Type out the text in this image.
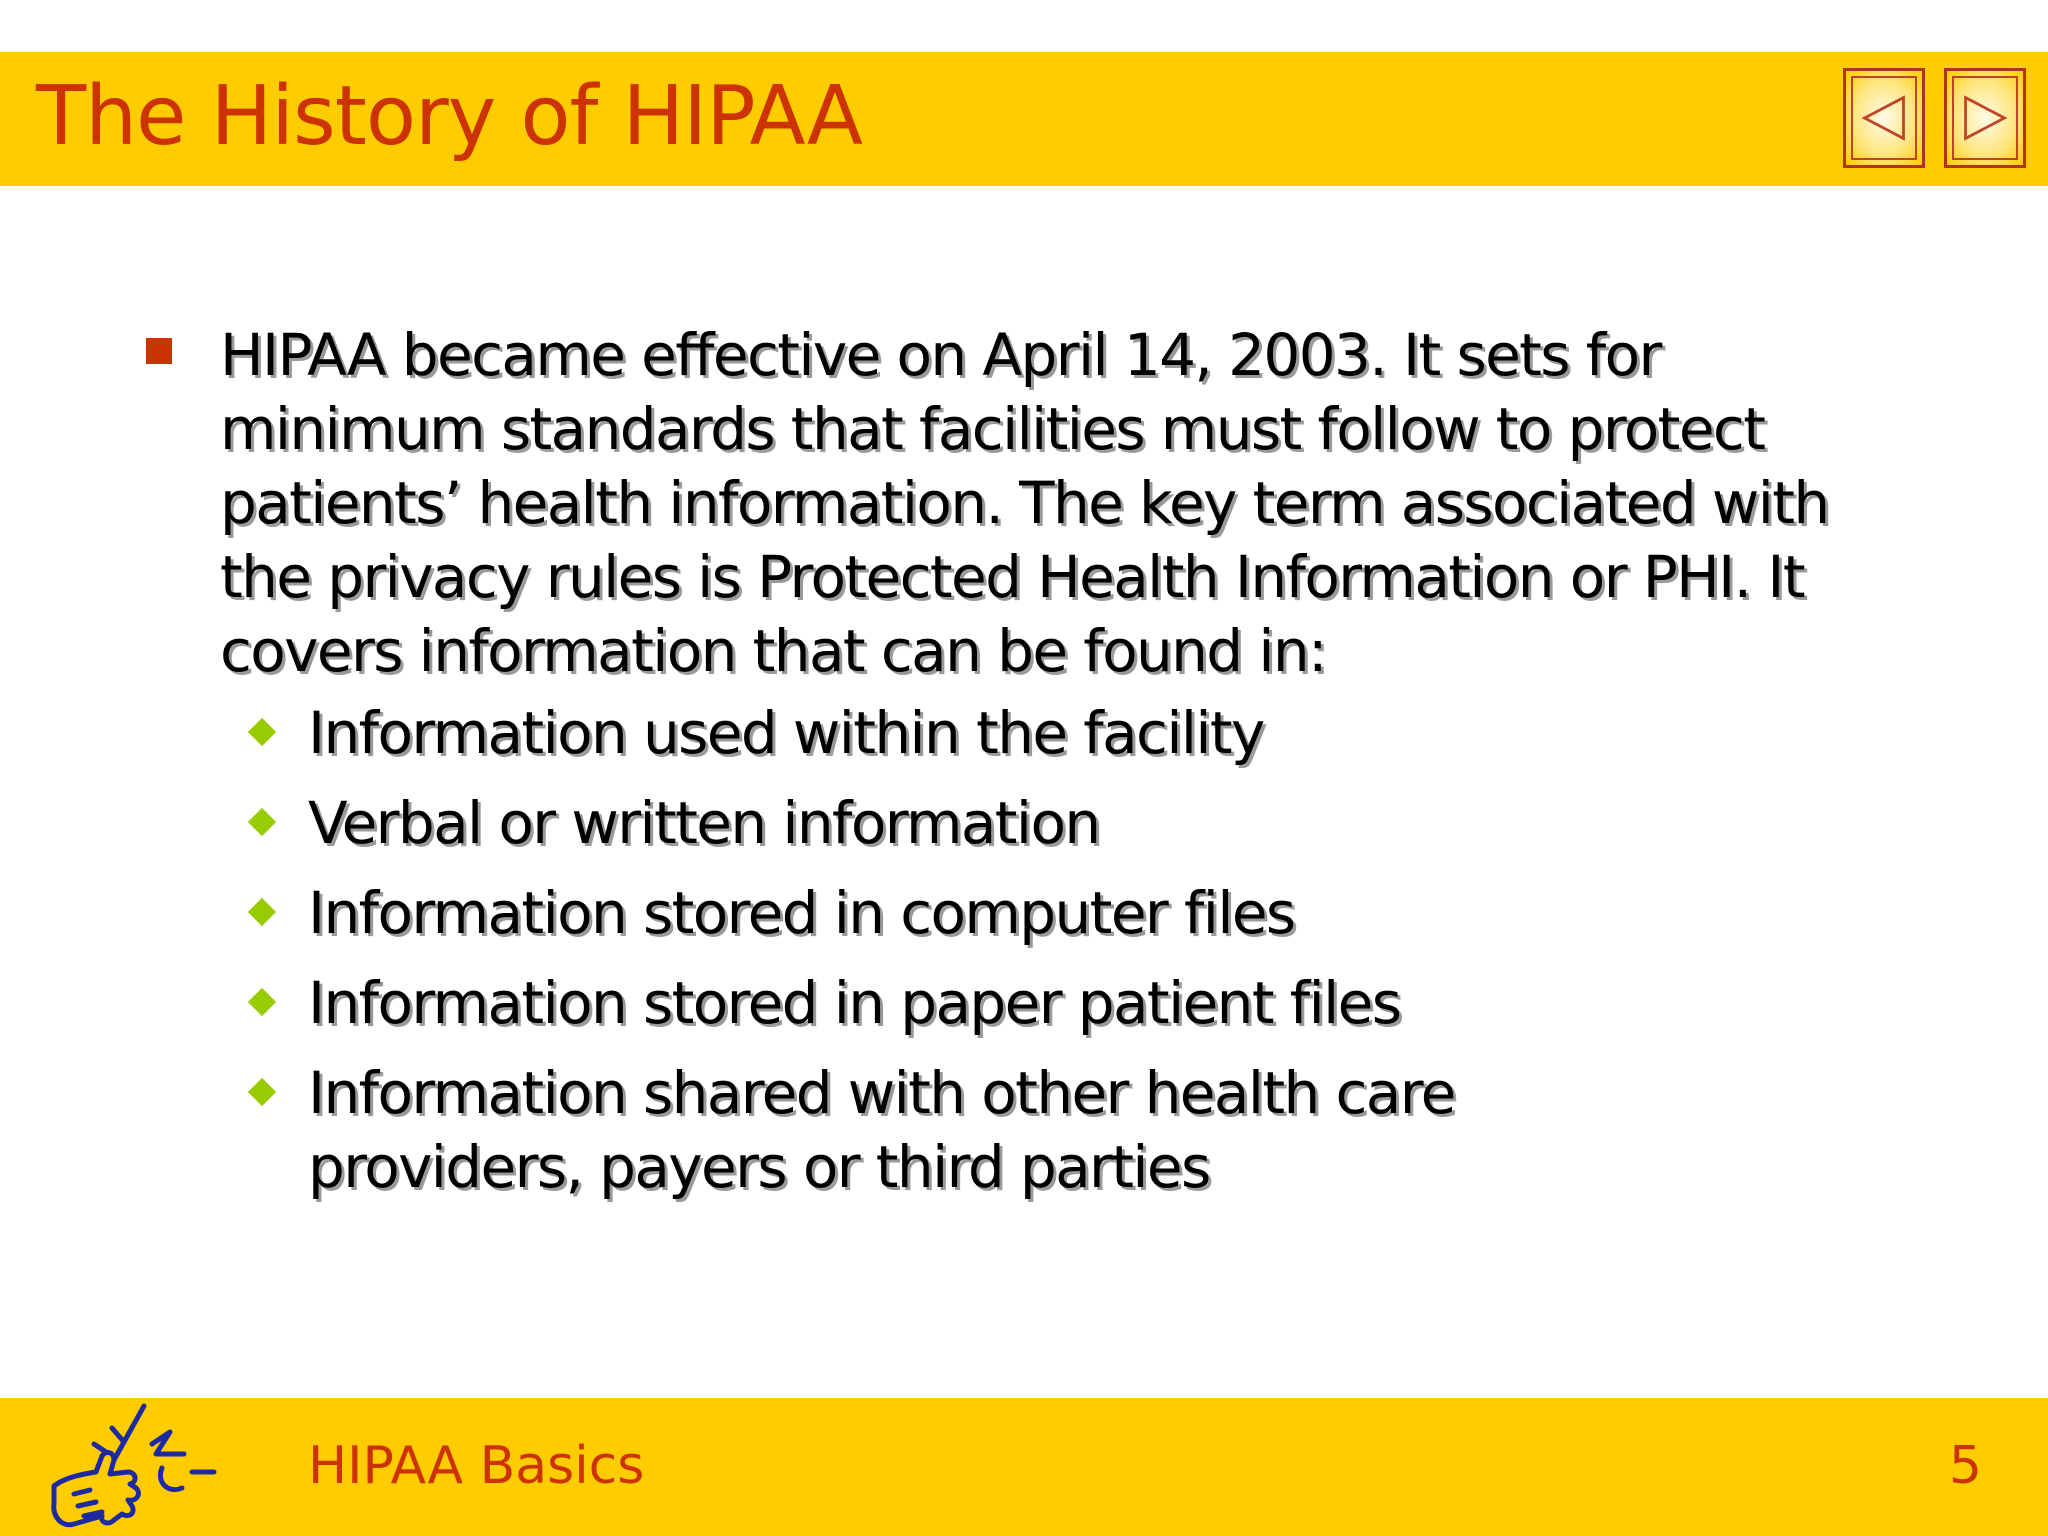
The History of HIPAA

HIPAA became effective on April 14, 2003. It sets for minimum standards that facilities must follow to protect patients’ health information. The key term associated with the privacy rules is Protected Health Information or PHI. It covers information that can be found in:

Information used within the facility
Verbal or written information
Information stored in computer files
Information stored in paper patient files
Information shared with other health care providers, payers or third parties
HIPAA Basics	5
